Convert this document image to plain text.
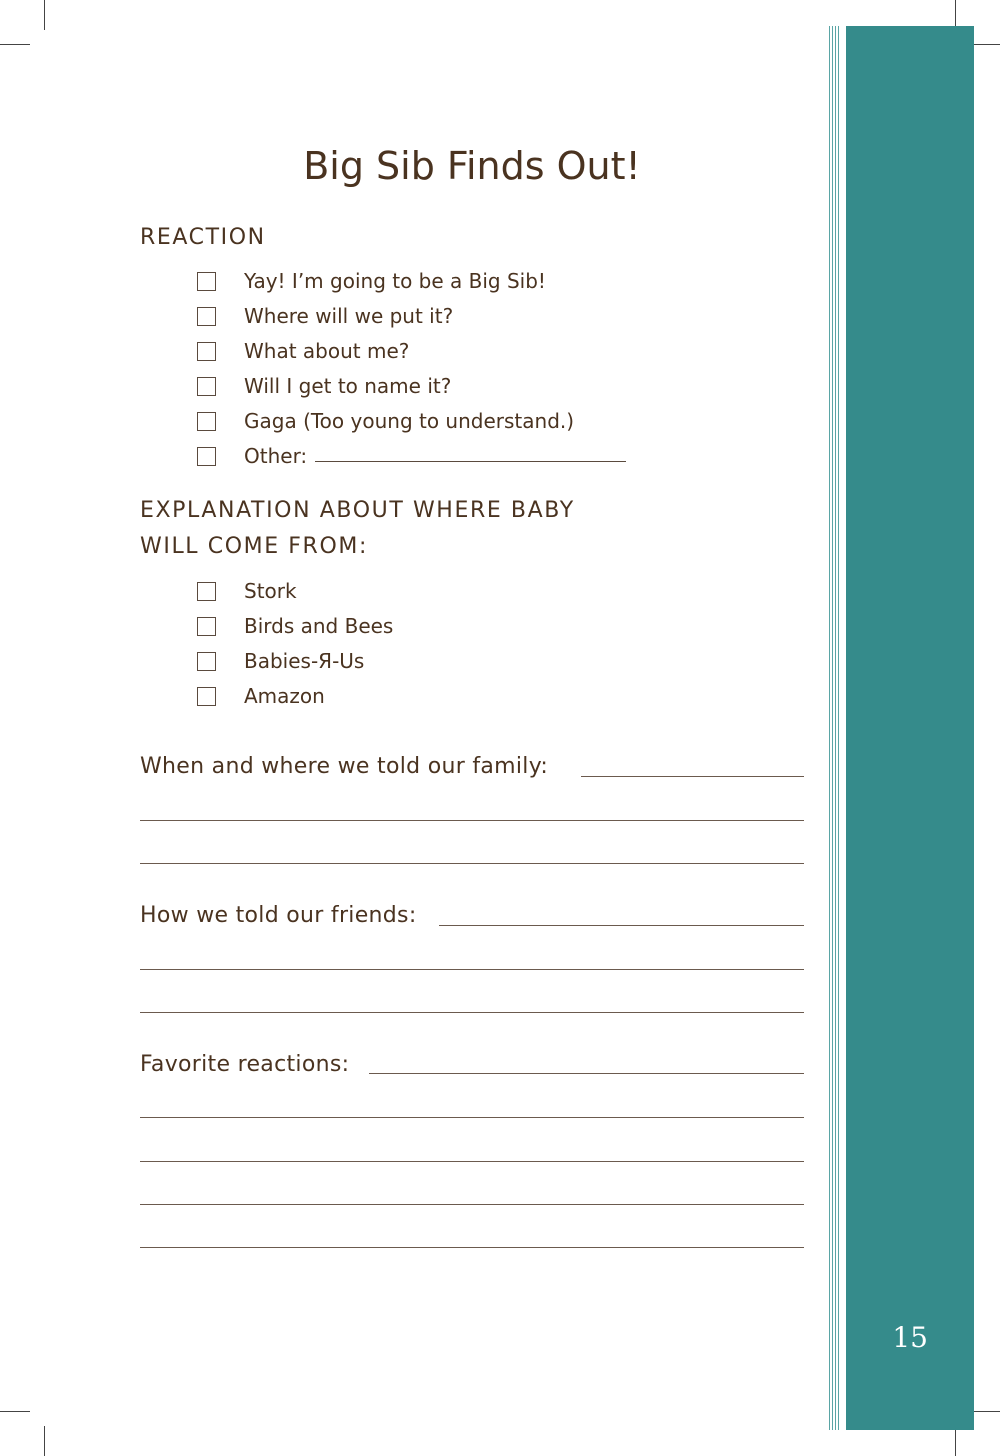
15
Big Sib Finds Out!
REACTION
Yay! I’m going to be a Big Sib!
Where will we put it?
What about me?
Will I get to name it?
Gaga (Too young to understand.)
Other:
EXPLANATION ABOUT WHERE BABY
WILL COME FROM:
Stork
Birds and Bees
Babies-Я-Us
Amazon
When and where we told our family:
How we told our friends:
Favorite reactions:
